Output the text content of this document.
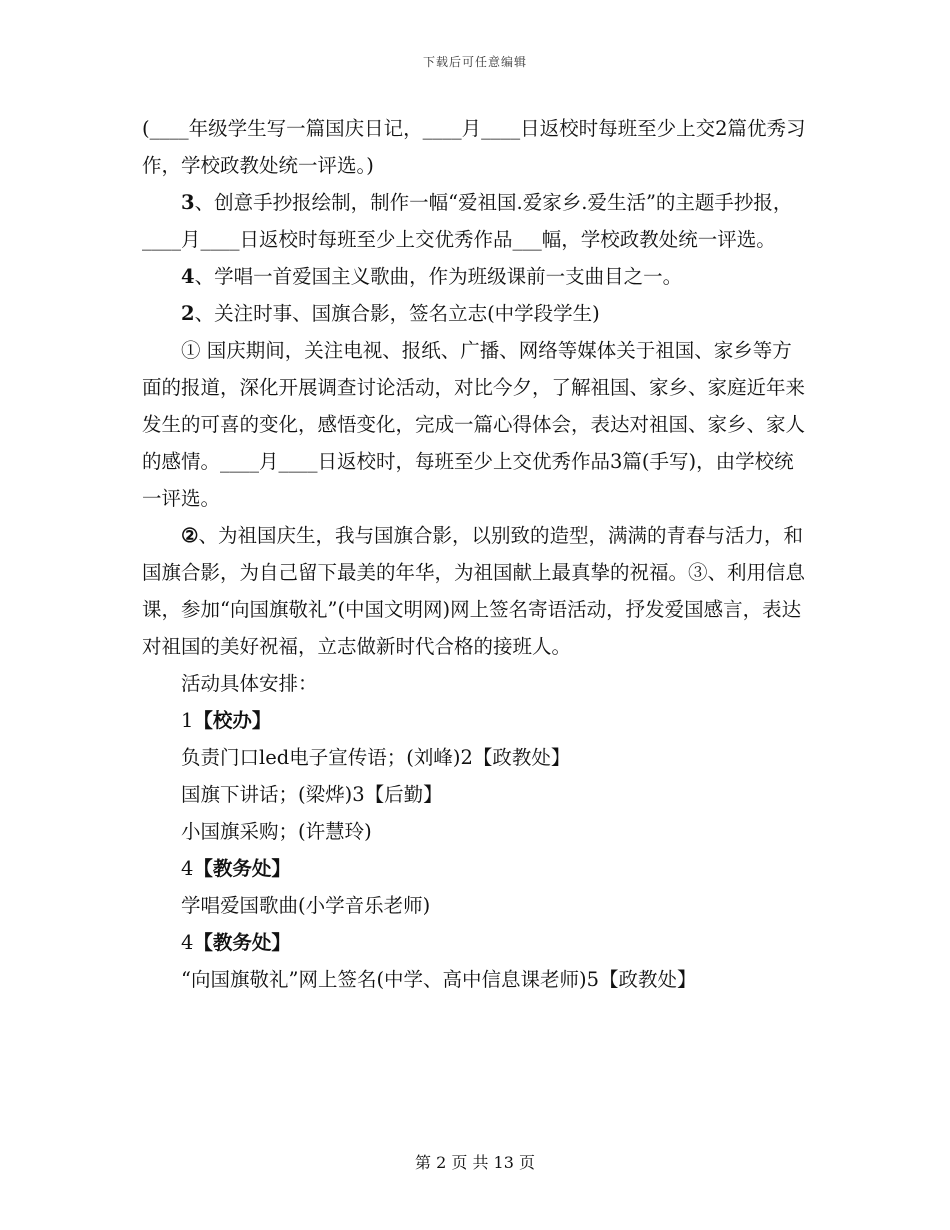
下载后可任意编辑

(____年级学生写一篇国庆日记，____月____日返校时每班至少上交2篇优秀习作，学校政教处统一评选。)

3、创意手抄报绘制，制作一幅“爱祖国.爱家乡.爱生活”的主题手抄报，____月____日返校时每班至少上交优秀作品___幅，学校政教处统一评选。

4、学唱一首爱国主义歌曲，作为班级课前一支曲目之一。

2、关注时事、国旗合影，签名立志(中学段学生)

① 国庆期间，关注电视、报纸、广播、网络等媒体关于祖国、家乡等方面的报道，深化开展调查讨论活动，对比今夕，了解祖国、家乡、家庭近年来发生的可喜的变化，感悟变化，完成一篇心得体会，表达对祖国、家乡、家人的感情。____月____日返校时，每班至少上交优秀作品3篇(手写)，由学校统一评选。

②、为祖国庆生，我与国旗合影，以别致的造型，满满的青春与活力，和国旗合影，为自己留下最美的年华，为祖国献上最真挚的祝福。③、利用信息课，参加“向国旗敬礼”(中国文明网)网上签名寄语活动，抒发爱国感言，表达对祖国的美好祝福，立志做新时代合格的接班人。

活动具体安排：

1【校办】

负责门口led电子宣传语；(刘峰)2【政教处】

国旗下讲话；(梁烨)3【后勤】

小国旗采购；(许慧玲)

4【教务处】

学唱爱国歌曲(小学音乐老师)

4【教务处】

“向国旗敬礼”网上签名(中学、高中信息课老师)5【政教处】

第 2 页 共 13 页
